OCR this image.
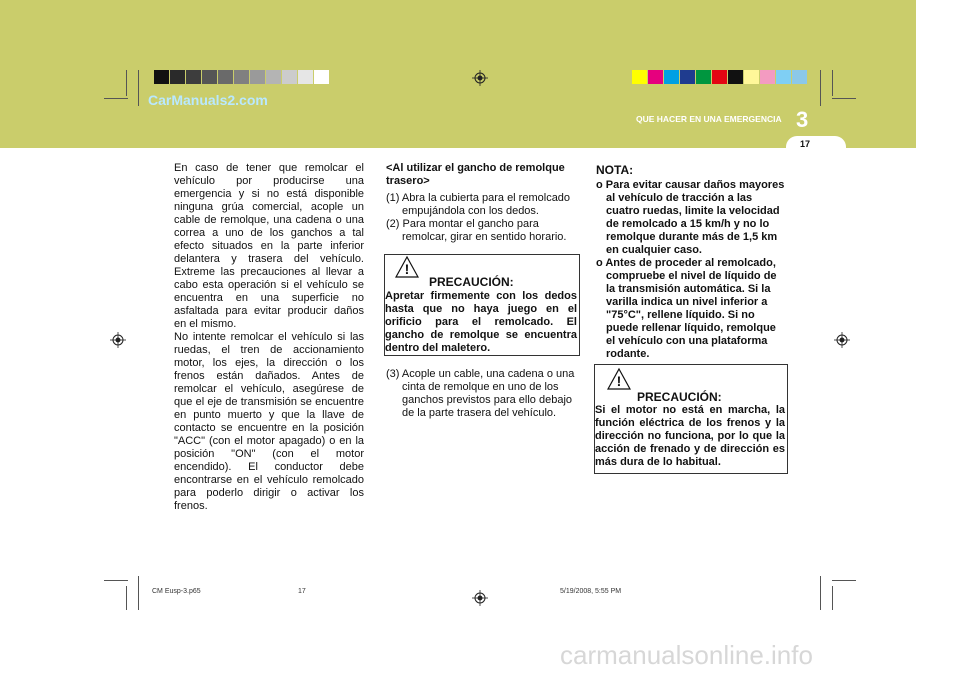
CarManuals2.com
QUE HACER EN UNA EMERGENCIA 3
17
En caso de tener que remolcar el vehículo por producirse una emergencia y si no está disponible ninguna grúa comercial, acople un cable de remolque, una cadena o una correa a uno de los ganchos a tal efecto situados en la parte inferior delantera y trasera del vehículo. Extreme las precauciones al llevar a cabo esta operación si el vehículo se encuentra en una superficie no asfaltada para evitar producir daños en el mismo.
No intente remolcar el vehículo si las ruedas, el tren de accionamiento motor, los ejes, la dirección o los frenos están dañados. Antes de remolcar el vehículo, asegúrese de que el eje de transmisión se encuentre en punto muerto y que la llave de contacto se encuentre en la posición "ACC" (con el motor apagado) o en la posición "ON" (con el motor encendido). El conductor debe encontrarse en el vehículo remolcado para poderlo dirigir o activar los frenos.
<Al utilizar el gancho de remolque trasero>
(1) Abra la cubierta para el remolcado empujándola con los dedos.
(2) Para montar el gancho para remolcar, girar en sentido horario.
!
PRECAUCIÓN:
Apretar firmemente con los dedos hasta que no haya juego en el orificio para el remolcado. El gancho de remolque se encuentra dentro del maletero.
(3) Acople un cable, una cadena o una cinta de remolque en uno de los ganchos previstos para ello debajo de la parte trasera del vehículo.
NOTA:
o Para evitar causar daños mayores al vehículo de tracción a las cuatro ruedas, limite la velocidad de remolcado a 15 km/h y no lo remolque durante más de 1,5 km en cualquier caso.
o Antes de proceder al remolcado, compruebe el nivel de líquido de la transmisión automática. Si la varilla indica un nivel inferior a "75°C", rellene líquido. Si no puede rellenar líquido, remolque el vehículo con una plataforma rodante.
!
PRECAUCIÓN:
Si el motor no está en marcha, la función eléctrica de los frenos y la dirección no funciona, por lo que la acción de frenado y de dirección es más dura de lo habitual.
CM Eusp-3.p65	17	5/19/2008, 5:55 PM
carmanualsonline.info
